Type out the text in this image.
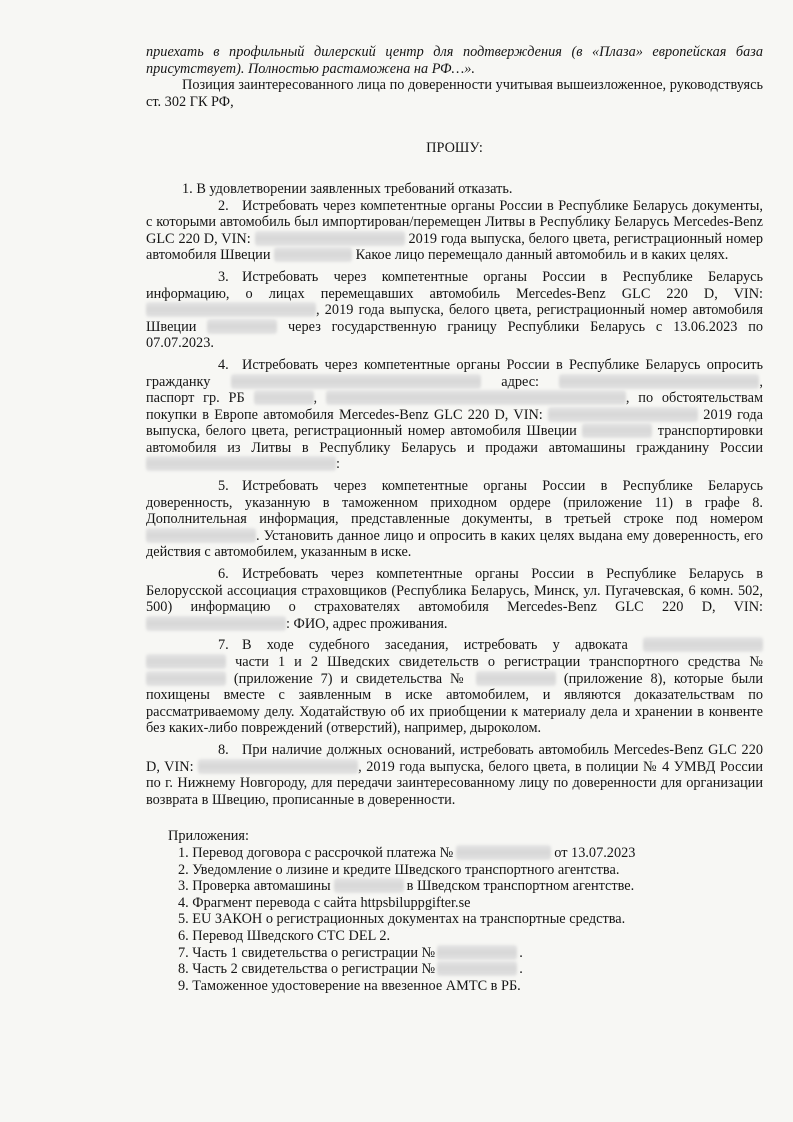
приехать в профильный дилерский центр для подтверждения (в «Плаза» европейская база присутствует). Полностью растаможена на РФ…».

Позиция заинтересованного лица по доверенности учитывая вышеизложенное, руководствуясь ст. 302 ГК РФ,

ПРОШУ:

1. В удовлетворении заявленных требований отказать.

2. Истребовать через компетентные органы России в Республике Беларусь документы, с которыми автомобиль был импортирован/перемещен Литвы в Республику Беларусь Mercedes-Benz GLC 220 D, VIN:	2019 года выпуска, белого цвета, регистрационный номер автомобиля Швеции	Какое лицо перемещало данный автомобиль и в каких целях.

3. Истребовать через компетентные органы России в Республике Беларусь информацию, о лицах перемещавших автомобиль Mercedes-Benz GLC 220 D, VIN: , 2019 года выпуска, белого цвета, регистрационный номер автомобиля Швеции	через государственную границу Республики Беларусь с 13.06.2023 по 07.07.2023.

4. Истребовать через компетентные органы России в Республике Беларусь опросить гражданку	адрес:	, паспорт гр. РБ	,	, по обстоятельствам покупки в Европе автомобиля Mercedes-Benz GLC 220 D, VIN:	2019 года выпуска, белого цвета, регистрационный номер автомобиля Швеции	транспортировки автомобиля из Литвы в Республику Беларусь и продажи автомашины гражданину России :

5. Истребовать через компетентные органы России в Республике Беларусь доверенность, указанную в таможенном приходном ордере (приложение 11) в графе 8. Дополнительная информация, представленные документы, в третьей строке под номером . Установить данное лицо и опросить в каких целях выдана ему доверенность, его действия с автомобилем, указанным в иске.

6. Истребовать через компетентные органы России в Республике Беларусь в Белорусской ассоциация страховщиков (Республика Беларусь, Минск, ул. Пугачевская, 6 комн. 502, 500) информацию о страхователях автомобиля Mercedes-Benz GLC 220 D, VIN: : ФИО, адрес проживания.

7. В ходе судебного заседания, истребовать у адвоката   части 1 и 2 Шведских свидетельств о регистрации транспортного средства №  (приложение 7) и свидетельства №	(приложение 8), которые были похищены вместе с заявленным в иске автомобилем, и являются доказательствам по рассматриваемому делу. Ходатайствую об их приобщении к материалу дела и хранении в конвенте без каких-либо повреждений (отверстий), например, дыроколом.

8. При наличие должных оснований, истребовать автомобиль Mercedes-Benz GLC 220 D, VIN:	, 2019 года выпуска, белого цвета, в полиции № 4 УМВД России по г. Нижнему Новгороду, для передачи заинтересованному лицу по доверенности для организации возврата в Швецию, прописанные в доверенности.

Приложения:
1. Перевод договора с рассрочкой платежа №	от 13.07.2023
2. Уведомление о лизине и кредите Шведского транспортного агентства.
3. Проверка автомашины	в Шведском транспортном агентстве.
4. Фрагмент перевода с сайта httpsbiluppgifter.se
5. EU ЗАКОН о регистрационных документах на транспортные средства.
6. Перевод Шведского СТС DEL 2.
7. Часть 1 свидетельства о регистрации №	.
8. Часть 2 свидетельства о регистрации №	.
9. Таможенное удостоверение на ввезенное АМТС в РБ.
